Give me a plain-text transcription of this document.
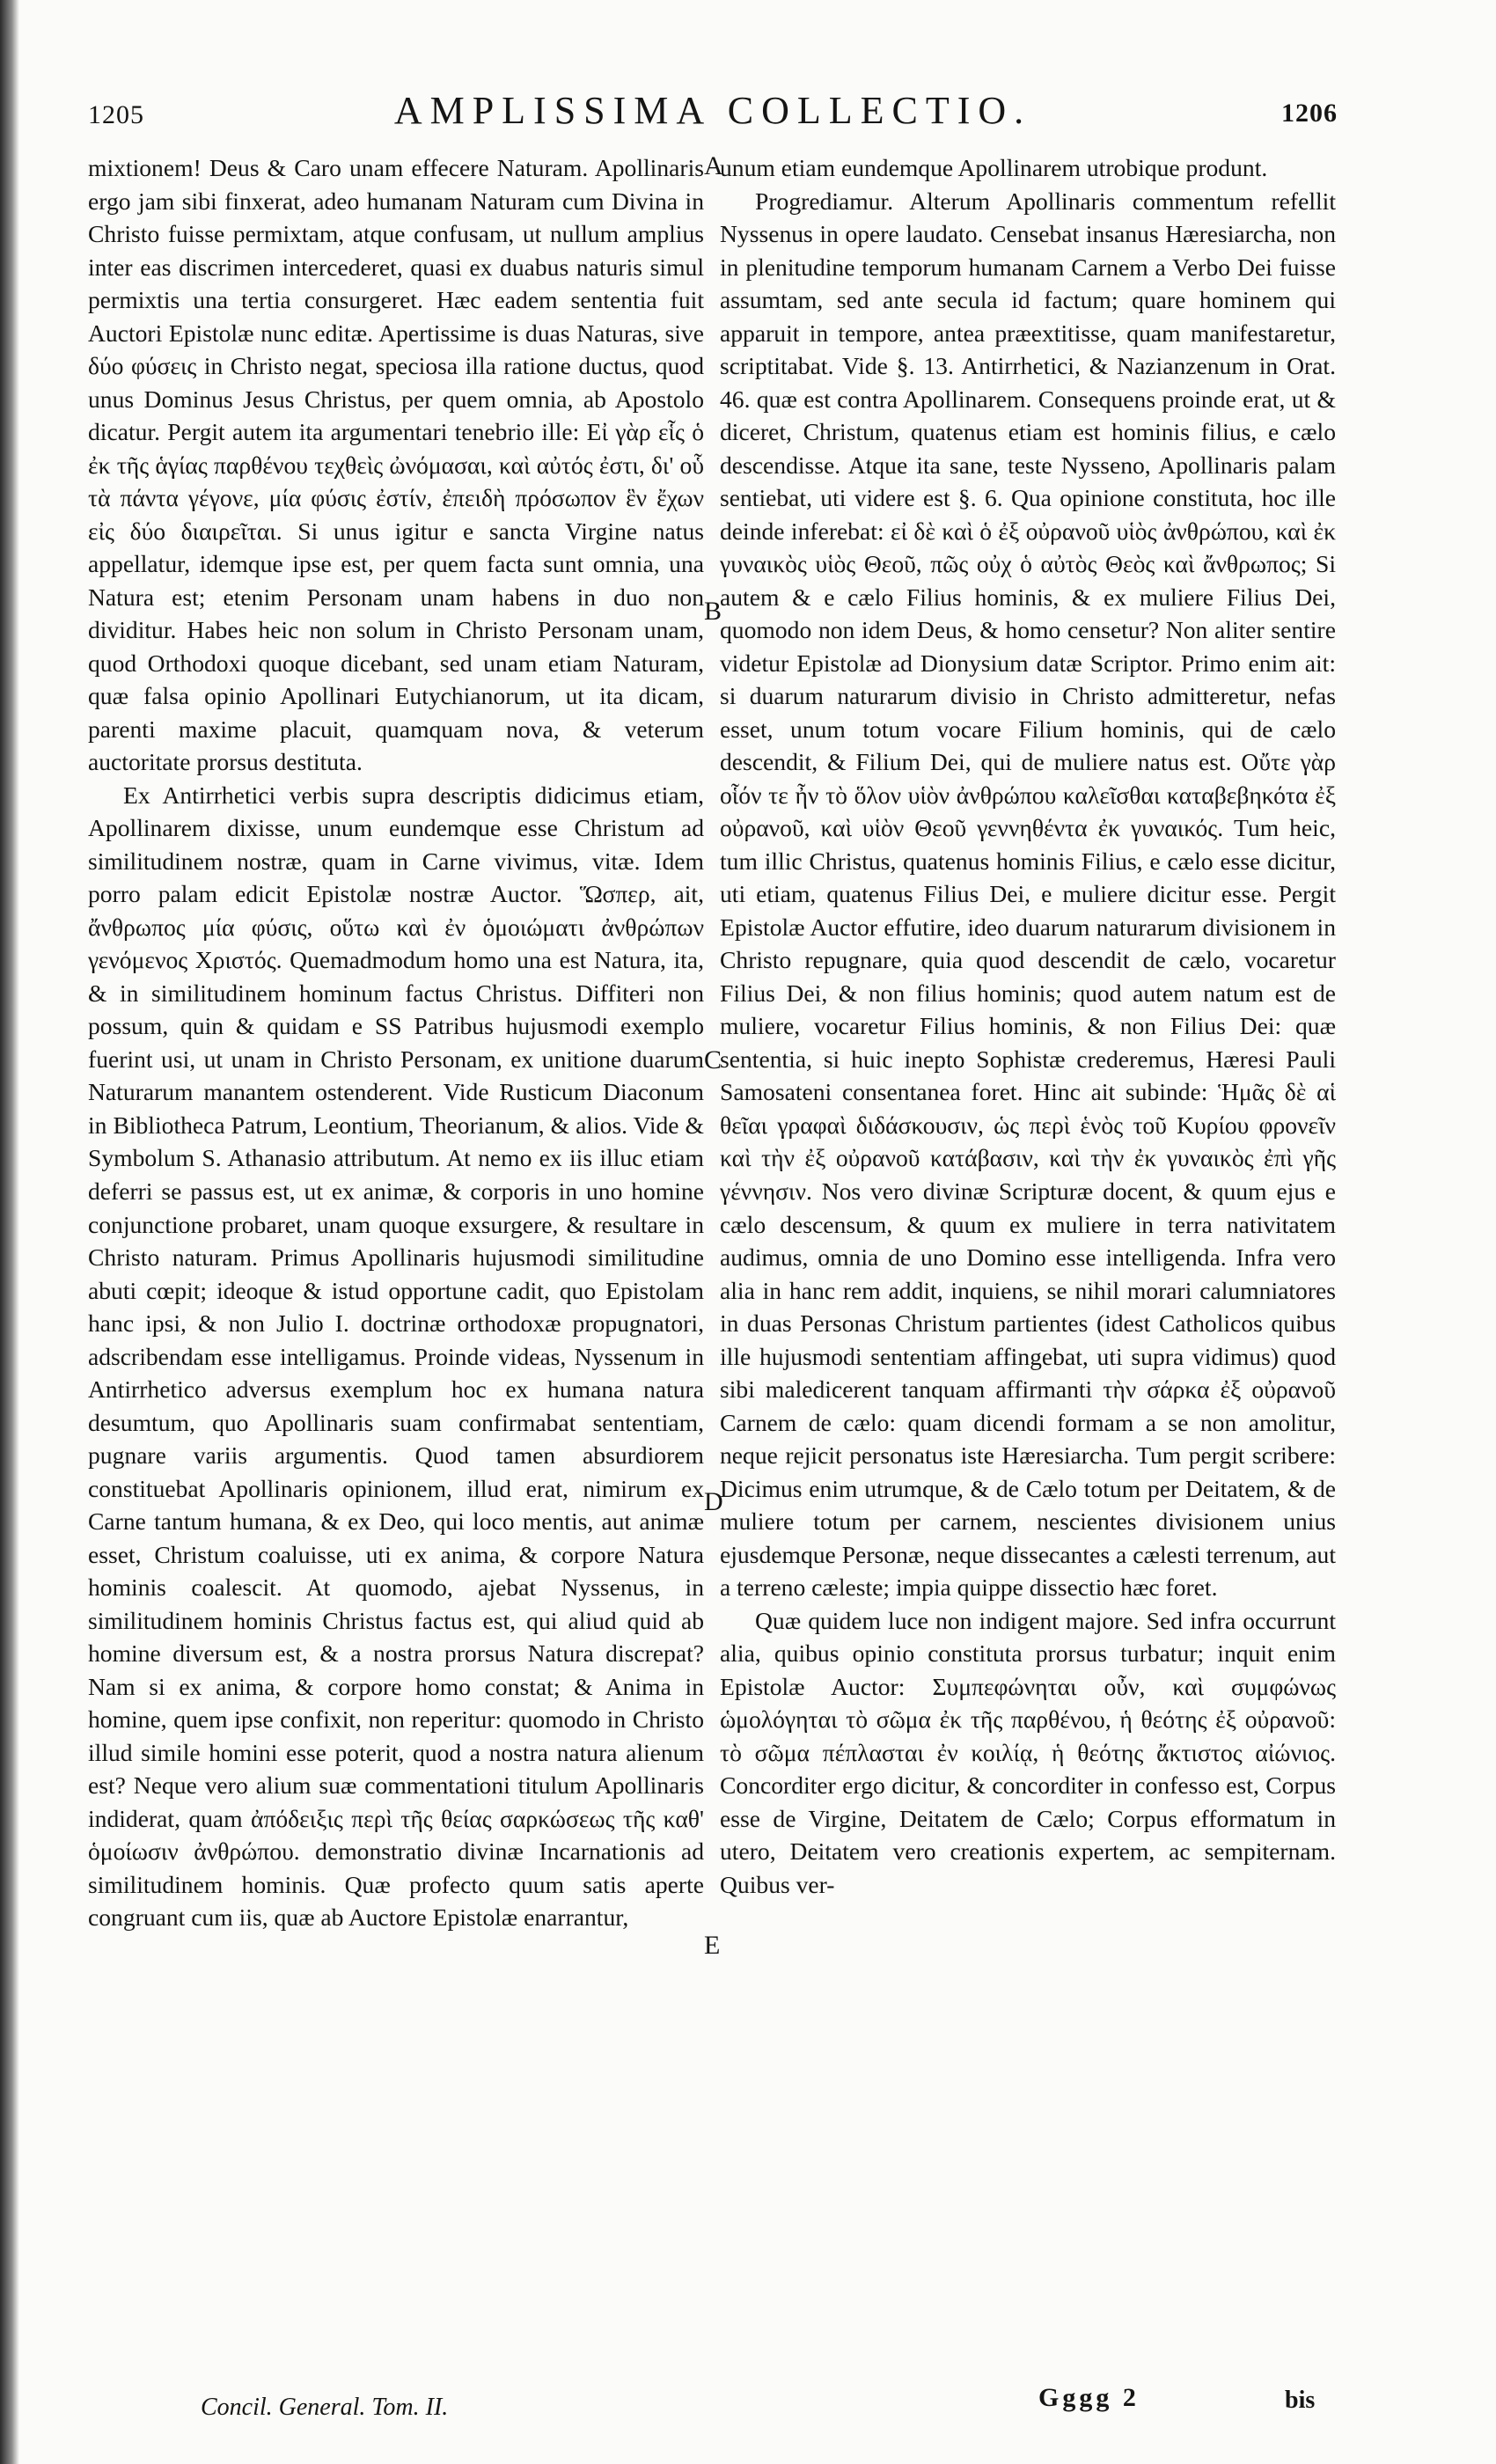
1205	AMPLISSIMA COLLECTIO.	1206

mixtionem! Deus & Caro unam effecere Naturam. Apollinaris ergo jam sibi finxerat, adeo humanam Naturam cum Divina in Christo fuisse permixtam, atque confusam, ut nullum amplius inter eas discrimen intercederet, quasi ex duabus naturis simul permixtis una tertia consurgeret. Hæc eadem sententia fuit Auctori Epistolæ nunc editæ. Apertissime is duas Naturas, sive δύο φύσεις in Christo negat, speciosa illa ratione ductus, quod unus Dominus Jesus Christus, per quem omnia, ab Apostolo dicatur. Pergit autem ita argumentari tenebrio ille: Εἰ γὰρ εἷς ὁ ἐκ τῆς ἁγίας παρθένου τεχθεὶς ὠνόμασαι, καὶ αὐτός ἐστι, δι' οὗ τὰ πάντα γέγονε, μία φύσις ἐστίν, ἐπειδὴ πρόσωπον ἓν ἔχων εἰς δύο διαιρεῖται. Si unus igitur e sancta Virgine natus appellatur, idemque ipse est, per quem facta sunt omnia, una Natura est; etenim Personam unam habens in duo non dividitur. Habes heic non solum in Christo Personam unam, quod Orthodoxi quoque dicebant, sed unam etiam Naturam, quæ falsa opinio Apollinari Eutychianorum, ut ita dicam, parenti maxime placuit, quamquam nova, & veterum auctoritate prorsus destituta.

Ex Antirrhetici verbis supra descriptis didicimus etiam, Apollinarem dixisse, unum eundemque esse Christum ad similitudinem nostræ, quam in Carne vivimus, vitæ. Idem porro palam edicit Epistolæ nostræ Auctor. Ὥσπερ, ait, ἄνθρωπος μία φύσις, οὕτω καὶ ἐν ὁμοιώματι ἀνθρώπων γενόμενος Χριστός. Quemadmodum homo una est Natura, ita, & in similitudinem hominum factus Christus. Diffiteri non possum, quin & quidam e SS Patribus hujusmodi exemplo fuerint usi, ut unam in Christo Personam, ex unitione duarum Naturarum manantem ostenderent. Vide Rusticum Diaconum in Bibliotheca Patrum, Leontium, Theorianum, & alios. Vide & Symbolum S. Athanasio attributum. At nemo ex iis illuc etiam deferri se passus est, ut ex animæ, & corporis in uno homine conjunctione probaret, unam quoque exsurgere, & resultare in Christo naturam. Primus Apollinaris hujusmodi similitudine abuti cœpit; ideoque & istud opportune cadit, quo Epistolam hanc ipsi, & non Julio I. doctrinæ orthodoxæ propugnatori, adscribendam esse intelligamus. Proinde videas, Nyssenum in Antirrhetico adversus exemplum hoc ex humana natura desumtum, quo Apollinaris suam confirmabat sententiam, pugnare variis argumentis. Quod tamen absurdiorem constituebat Apollinaris opinionem, illud erat, nimirum ex Carne tantum humana, & ex Deo, qui loco mentis, aut animæ esset, Christum coaluisse, uti ex anima, & corpore Natura hominis coalescit. At quomodo, ajebat Nyssenus, in similitudinem hominis Christus factus est, qui aliud quid ab homine diversum est, & a nostra prorsus Natura discrepat? Nam si ex anima, & corpore homo constat; & Anima in homine, quem ipse confixit, non reperitur: quomodo in Christo illud simile homini esse poterit, quod a nostra natura alienum est? Neque vero alium suæ commentationi titulum Apollinaris indiderat, quam ἀπόδειξις περὶ τῆς θείας σαρκώσεως τῆς καθ' ὁμοίωσιν ἀνθρώπου. demonstratio divinæ Incarnationis ad similitudinem hominis. Quæ profecto quum satis aperte congruant cum iis, quæ ab Auctore Epistolæ enarrantur,

A
B
C
D
E

unum etiam eundemque Apollinarem utrobique produnt.

Progrediamur. Alterum Apollinaris commentum refellit Nyssenus in opere laudato. Censebat insanus Hæresiarcha, non in plenitudine temporum humanam Carnem a Verbo Dei fuisse assumtam, sed ante secula id factum; quare hominem qui apparuit in tempore, antea præextitisse, quam manifestaretur, scriptitabat. Vide §. 13. Antirrhetici, & Nazianzenum in Orat. 46. quæ est contra Apollinarem. Consequens proinde erat, ut & diceret, Christum, quatenus etiam est hominis filius, e cælo descendisse. Atque ita sane, teste Nysseno, Apollinaris palam sentiebat, uti videre est §. 6. Qua opinione constituta, hoc ille deinde inferebat: εἰ δὲ καὶ ὁ ἐξ οὐρανοῦ υἱὸς ἀνθρώπου, καὶ ἐκ γυναικὸς υἱὸς Θεοῦ, πῶς οὐχ ὁ αὐτὸς Θεὸς καὶ ἄνθρωπος; Si autem & e cælo Filius hominis, & ex muliere Filius Dei, quomodo non idem Deus, & homo censetur? Non aliter sentire videtur Epistolæ ad Dionysium datæ Scriptor. Primo enim ait: si duarum naturarum divisio in Christo admitteretur, nefas esset, unum totum vocare Filium hominis, qui de cælo descendit, & Filium Dei, qui de muliere natus est. Οὔτε γὰρ οἷόν τε ἦν τὸ ὅλον υἱὸν ἀνθρώπου καλεῖσθαι καταβεβηκότα ἐξ οὐρανοῦ, καὶ υἱὸν Θεοῦ γεννηθέντα ἐκ γυναικός. Tum heic, tum illic Christus, quatenus hominis Filius, e cælo esse dicitur, uti etiam, quatenus Filius Dei, e muliere dicitur esse. Pergit Epistolæ Auctor effutire, ideo duarum naturarum divisionem in Christo repugnare, quia quod descendit de cælo, vocaretur Filius Dei, & non filius hominis; quod autem natum est de muliere, vocaretur Filius hominis, & non Filius Dei: quæ sententia, si huic inepto Sophistæ crederemus, Hæresi Pauli Samosateni consentanea foret. Hinc ait subinde: Ἡμᾶς δὲ αἱ θεῖαι γραφαὶ διδάσκουσιν, ὡς περὶ ἑνὸς τοῦ Κυρίου φρονεῖν καὶ τὴν ἐξ οὐρανοῦ κατάβασιν, καὶ τὴν ἐκ γυναικὸς ἐπὶ γῆς γέννησιν. Nos vero divinæ Scripturæ docent, & quum ejus e cælo descensum, & quum ex muliere in terra nativitatem audimus, omnia de uno Domino esse intelligenda. Infra vero alia in hanc rem addit, inquiens, se nihil morari calumniatores in duas Personas Christum partientes (idest Catholicos quibus ille hujusmodi sententiam affingebat, uti supra vidimus) quod sibi maledicerent tanquam affirmanti τὴν σάρκα ἐξ οὐρανοῦ Carnem de cælo: quam dicendi formam a se non amolitur, neque rejicit personatus iste Hæresiarcha. Tum pergit scribere: Dicimus enim utrumque, & de Cælo totum per Deitatem, & de muliere totum per carnem, nescientes divisionem unius ejusdemque Personæ, neque dissecantes a cælesti terrenum, aut a terreno cæleste; impia quippe dissectio hæc foret.

Quæ quidem luce non indigent majore. Sed infra occurrunt alia, quibus opinio constituta prorsus turbatur; inquit enim Epistolæ Auctor: Συμπεφώνηται οὖν, καὶ συμφώνως ὡμολόγηται τὸ σῶμα ἐκ τῆς παρθένου, ἡ θεότης ἐξ οὐρανοῦ: τὸ σῶμα πέπλασται ἐν κοιλίᾳ, ἡ θεότης ἄκτιστος αἰώνιος. Concorditer ergo dicitur, & concorditer in confesso est, Corpus esse de Virgine, Deitatem de Cælo; Corpus efformatum in utero, Deitatem vero creationis expertem, ac sempiternam. Quibus ver-

Concil. General. Tom. II.	Gggg 2	bis
